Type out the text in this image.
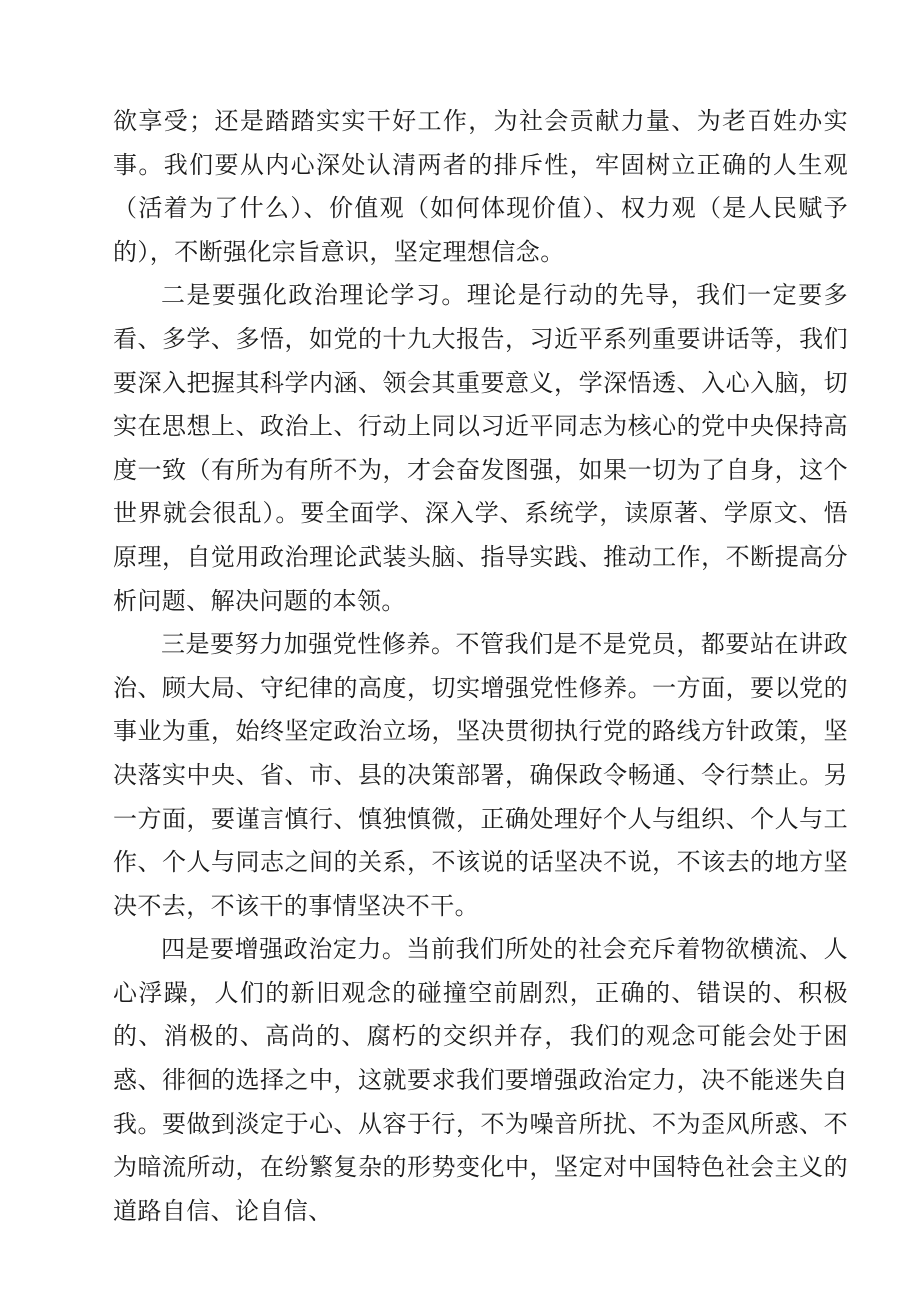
欲享受；还是踏踏实实干好工作，为社会贡献力量、为老百姓办实事。我们要从内心深处认清两者的排斥性，牢固树立正确的人生观（活着为了什么）、价值观（如何体现价值）、权力观（是人民赋予的），不断强化宗旨意识，坚定理想信念。

二是要强化政治理论学习。理论是行动的先导，我们一定要多看、多学、多悟，如党的十九大报告，习近平系列重要讲话等，我们要深入把握其科学内涵、领会其重要意义，学深悟透、入心入脑，切实在思想上、政治上、行动上同以习近平同志为核心的党中央保持高度一致（有所为有所不为，才会奋发图强，如果一切为了自身，这个世界就会很乱）。要全面学、深入学、系统学，读原著、学原文、悟原理，自觉用政治理论武装头脑、指导实践、推动工作，不断提高分析问题、解决问题的本领。

三是要努力加强党性修养。不管我们是不是党员，都要站在讲政治、顾大局、守纪律的高度，切实增强党性修养。一方面，要以党的事业为重，始终坚定政治立场，坚决贯彻执行党的路线方针政策，坚决落实中央、省、市、县的决策部署，确保政令畅通、令行禁止。另一方面，要谨言慎行、慎独慎微，正确处理好个人与组织、个人与工作、个人与同志之间的关系，不该说的话坚决不说，不该去的地方坚决不去，不该干的事情坚决不干。

四是要增强政治定力。当前我们所处的社会充斥着物欲横流、人心浮躁，人们的新旧观念的碰撞空前剧烈，正确的、错误的、积极的、消极的、高尚的、腐朽的交织并存，我们的观念可能会处于困惑、徘徊的选择之中，这就要求我们要增强政治定力，决不能迷失自我。要做到淡定于心、从容于行，不为噪音所扰、不为歪风所惑、不为暗流所动，在纷繁复杂的形势变化中，坚定对中国特色社会主义的道路自信、论自信、
